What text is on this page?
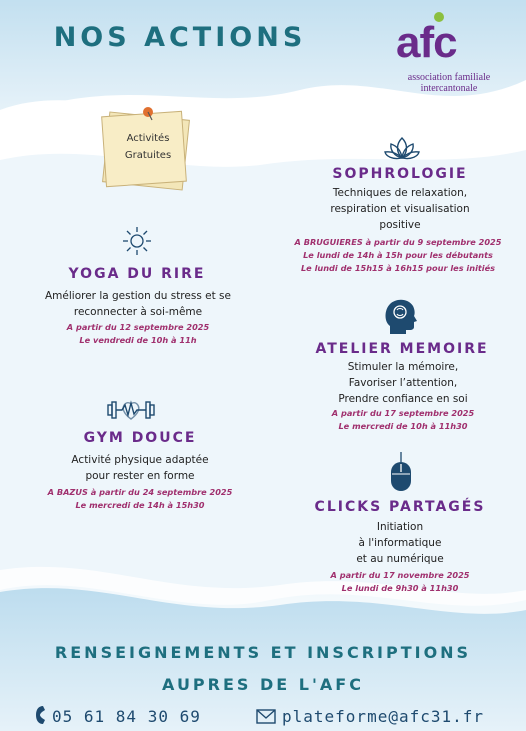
NOS ACTIONS	afc
association familiale
intercantonale
Activités
Gratuites
SOPHROLOGIE
Techniques de relaxation,
respiration et visualisation
positive
A BRUGUIERES à partir du 9 septembre 2025
Le lundi de 14h à 15h pour les débutants
Le lundi de 15h15 à 16h15 pour les initiés
YOGA DU RIRE
Améliorer la gestion du stress et se
reconnecter à soi-même
A partir du 12 septembre 2025
Le vendredi de 10h à 11h
ATELIER MEMOIRE
Stimuler la mémoire,
Favoriser l’attention,
Prendre confiance en soi
A partir du 17 septembre 2025
Le mercredi de 10h à 11h30
GYM DOUCE
Activité physique adaptée
pour rester en forme
A BAZUS à partir du 24 septembre 2025
Le mercredi de 14h à 15h30	CLICKS PARTAGÉS
Initiation
à l'informatique
et au numérique
A partir du 17 novembre 2025
Le lundi de 9h30 à 11h30
RENSEIGNEMENTS ET INSCRIPTIONS
AUPRES DE L'AFC
05 61 84 30 69	plateforme@afc31.fr
